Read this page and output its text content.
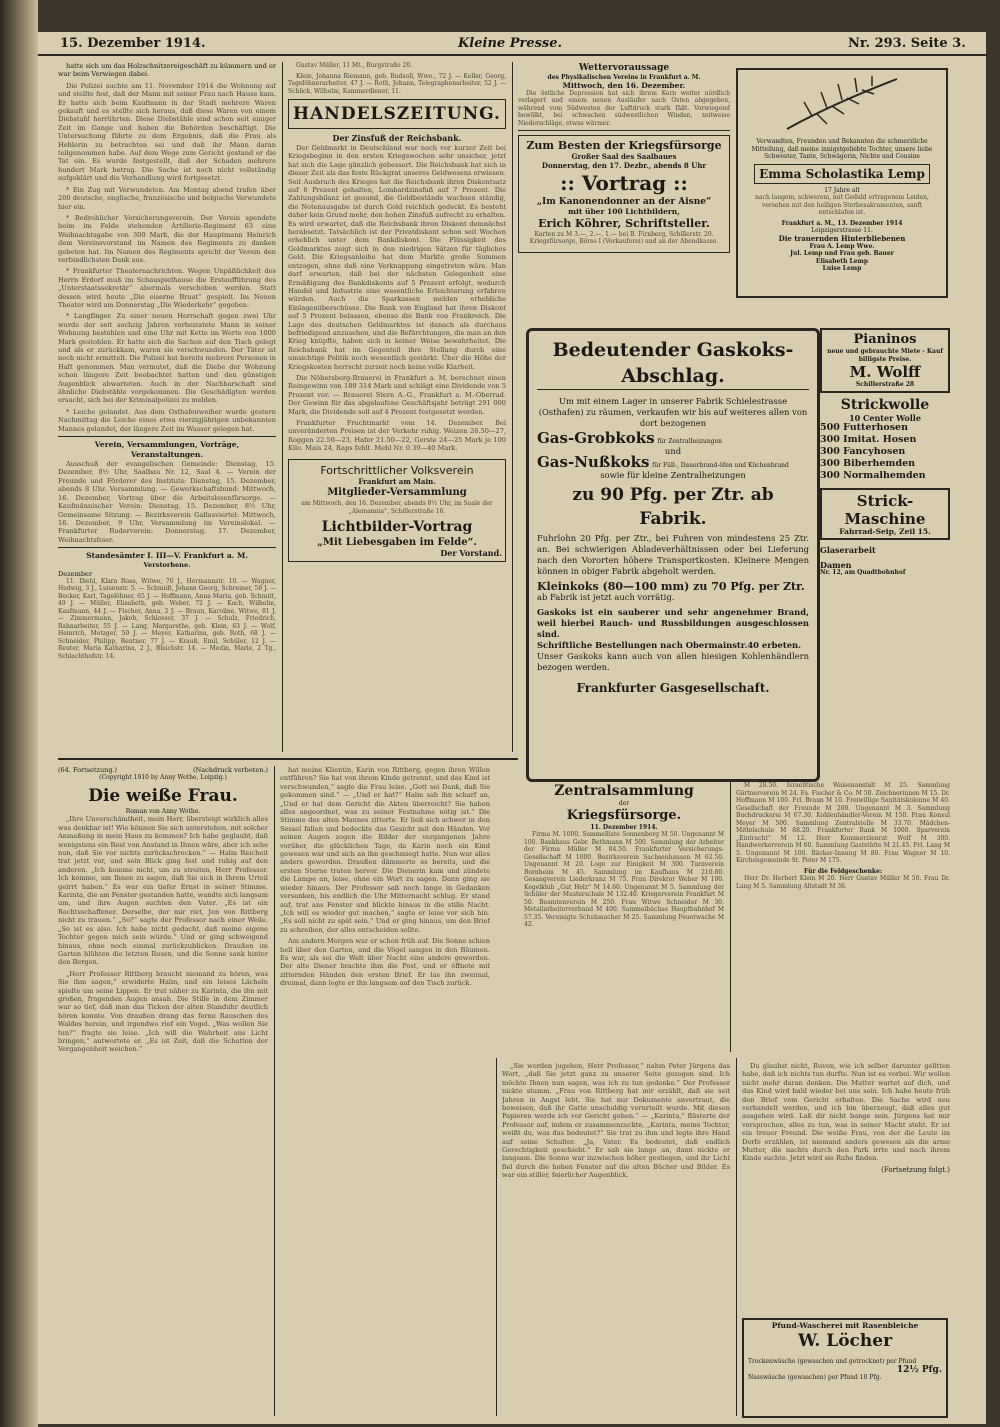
15. Dezember 1914.	Kleine Presse.	Nr. 293. Seite 3.

hatte sich um das Holzschnitzereigeschäft zu kümmern und er war beim Verwiegen dabei.

Die Polizei suchte am 11. November 1914 die Wohnung auf und stellte fest, daß der Mann mit seiner Frau nach Hause kam. Er hatte sich beim Kaufmann in der Stadt mehrere Waren gekauft und es stellte sich heraus, daß diese Waren von einem Diebstahl herrührten. Diese Diebstähle sind schon seit einiger Zeit im Gange und haben die Behörden beschäftigt. Die Untersuchung führte zu dem Ergebnis, daß die Frau als Hehlerin zu betrachten sei und daß ihr Mann daran teilgenommen habe. Auf dem Wege zum Gericht gestand er die Tat ein. Es wurde festgestellt, daß der Schaden mehrere hundert Mark betrug. Die Sache ist noch nicht vollständig aufgeklärt und die Verhandlung wird fortgesetzt.

* Ein Zug mit Verwundeten. Am Montag abend trafen über 200 deutsche, englische, französische und belgische Verwundete hier ein.

* Bedrohlicher Versicherungsverein. Der Verein spendete beim im Felde stehenden Artillerie-Regiment 63 eine Weihnachtsgabe von 300 Mark, die der Hauptmann Heinrich dem Vereinsvorstand im Namen des Regiments zu danken gebeten hat. Im Namen des Regiments spricht der Verein den verbindlichsten Dank aus.

* Frankfurter Theaternachrichten. Wegen Unpäßlichkeit des Herrn Erdorf muß im Schauspielhause die Erstaufführung des „Unterstaatssekretär“ abermals verschoben werden. Statt dessen wird heute „Die eiserne Braut“ gespielt. Im Neuen Theater wird am Donnerstag „Die Wiederkehr“ gegeben.

* Langfinger. Zu einer neuen Herrschaft gegen zwei Uhr wurde der seit sechzig Jahren verheiratete Mann in seiner Wohnung bestohlen und eine Uhr mit Kette im Werte von 1000 Mark gestohlen. Er hatte sich die Sachen auf den Tisch gelegt und als er zurückkam, waren sie verschwunden. Der Täter ist noch nicht ermittelt. Die Polizei hat bereits mehrere Personen in Haft genommen. Man vermutet, daß die Diebe der Wohnung schon längere Zeit beobachtet hatten und den günstigen Augenblick abwarteten. Auch in der Nachbarschaft sind ähnliche Diebstähle vorgekommen. Die Geschädigten werden ersucht, sich bei der Kriminalpolizei zu melden.

* Leiche gelandet. Aus dem Osthafenweiher wurde gestern Nachmittag die Leiche eines etwa vierzigjährigen unbekannten Mannes gelandet, der längere Zeit im Wasser gelegen hat.

Verein, Versammlungen, Vorträge, Veranstaltungen.

Ausschuß der evangelischen Gemeinde: Dienstag, 15. Dezember, 8½ Uhr, Saalbau Nr. 12, Saal 4. — Verein der Freunde und Förderer des Instituts: Dienstag, 15. Dezember, abends 8 Uhr. Versammlung. — Gewerkschaftsbund: Mittwoch, 16. Dezember, Vortrag über die Arbeitslosenfürsorge. — Kaufmännischer Verein: Dienstag, 15. Dezember, 8½ Uhr, Gemeinsame Sitzung. — Bezirksverein Gallusviertel: Mittwoch, 16. Dezember, 9 Uhr, Versammlung im Vereinslokal. — Frankfurter Ruderverein: Donnerstag, 17. Dezember, Weihnachtsfeier.

Standesämter I. III—V. Frankfurt a. M.
Verstorbene.
Dezember

11. Diehl, Klara Rosa, Witwe, 70 J., Hermannstr. 10. — Wagner, Hedwig, 3 J., Luisenstr. 5. — Schmidt, Johann Georg, Schreiner, 58 J. — Becker, Karl, Tagelöhner, 65 J. — Hoffmann, Anna Maria, geb. Schmitt, 49 J. — Müller, Elisabeth, geb. Weber, 72 J. — Koch, Wilhelm, Kaufmann, 44 J. — Fischer, Anna, 2 J. — Braun, Karoline, Witwe, 81 J. — Zimmermann, Jakob, Schlosser, 37 J. — Schulz, Friedrich, Bahnarbeiter, 55 J. — Lang, Margarethe, geb. Klein, 63 J. — Wolf, Heinrich, Metzger, 50 J. — Meyer, Katharina, geb. Roth, 68 J. — Schneider, Philipp, Rentner, 77 J. — Krauß, Emil, Schüler, 12 J. — Reuter, Maria Katharina, 2 J., Bleichstr. 14. — Medin, Marie, 2 Tg., Schlachthofstr. 14.

Gustav Müller, 11 Mt., Burgstraße 20.

Klein, Johanna Riemann, geb. Budsoll, Wwe., 72 J. — Keller, Georg, Tagelöhnerarbeiter, 47 J. — Roth, Johann, Telegraphenarbeiter, 52 J. — Schlick, Wilhelm, Kammerdiener, 11.

HANDELSZEITUNG.
Der Zinsfuß der Reichsbank.

Der Geldmarkt in Deutschland war noch vor kurzer Zeit bei Kriegsbeginn in den ersten Kriegswochen sehr unsicher, jetzt hat sich die Lage gänzlich gebessert. Die Reichsbank hat sich in dieser Zeit als das feste Rückgrat unseres Geldwesens erwiesen. Seit Ausbruch des Krieges hat die Reichsbank ihren Diskontsatz auf 6 Prozent gehalten, Lombardzinsfuß auf 7 Prozent. Die Zahlungsbilanz ist gesund, die Goldbestände wachsen ständig, die Notenausgabe ist durch Gold reichlich gedeckt. Es besteht daher kein Grund mehr, den hohen Zinsfuß aufrecht zu erhalten. Es wird erwartet, daß die Reichsbank ihren Diskont demnächst herabsetzt. Tatsächlich ist der Privatdiskont schon seit Wochen erheblich unter dem Bankdiskont. Die Flüssigkeit des Geldmarktes zeigt sich in den niedrigen Sätzen für tägliches Geld. Die Kriegsanleihe hat dem Markte große Summen entzogen, ohne daß eine Verknappung eingetreten wäre. Man darf erwarten, daß bei der nächsten Gelegenheit eine Ermäßigung des Bankdiskonts auf 5 Prozent erfolgt, wodurch Handel und Industrie eine wesentliche Erleichterung erfahren würden. Auch die Sparkassen melden erhebliche Einlagenüberschüsse. Die Bank von England hat ihren Diskont auf 5 Prozent belassen, ebenso die Bank von Frankreich. Die Lage des deutschen Geldmarktes ist danach als durchaus befriedigend anzusehen, und die Befürchtungen, die man an den Krieg knüpfte, haben sich in keiner Weise bewahrheitet. Die Reichsbank hat im Gegenteil ihre Stellung durch eine umsichtige Politik noch wesentlich gestärkt. Über die Höhe der Kriegskosten herrscht zurzeit noch keine volle Klarheit.

Die Nöbersberg-Brauerei in Frankfurt a. M. berechnet einen Reingewinn von 189 314 Mark und schlägt eine Dividende von 5 Prozent vor. — Brauerei Stern A.-G., Frankfurt a. M.-Oberrad. Der Gewinn für das abgelaufene Geschäftsjahr beträgt 291 000 Mark, die Dividende soll auf 4 Prozent festgesetzt werden.

Frankfurter Fruchtmarkt vom 14. Dezember. Bei unveränderten Preisen ist der Verkehr ruhig. Weizen 26.50—27, Roggen 22.50—23, Hafer 21.50—22, Gerste 24—25 Mark je 100 Kilo. Mais 24, Raps fehlt. Mehl Nr. 0 39—40 Mark.

Fortschrittlicher Volksverein
Frankfurt am Main.
Mitglieder-Versammlung

am Mittwoch, den 16. Dezember, abends 8½ Uhr, im Saale der „Alemannia“, Schillerstraße 16.

Lichtbilder-Vortrag
„Mit Liebesgaben im Felde“.
Der Vorstand.
Wettervoraussage
des Physikalischen Vereins in Frankfurt a. M.
Mittwoch, den 16. Dezember.

Die östliche Depression hat sich ihrem Kern weiter nördlich verlagert und einem neuen Ausläufer nach Osten abgegeben, während vom Südwesten der Luftdruck stark fällt. Vorwiegend bewölkt, bei schwachen südwestlichen Winden, zeitweise Niederschläge, etwas wärmer.

Zum Besten der Kriegsfürsorge
Großer Saal des Saalbaues
Donnerstag, den 17. Dezbr., abends 8 Uhr
:: Vortrag ::
„Im Kanonendonner an der Aisne“
mit über 100 Lichtbildern,
Erich Köhrer, Schriftsteller.

Karten zu M 3.—, 2.—, 1.— bei B. Firnberg, Schillerstr. 20. Kriegsfürsorge, Börse I (Vorkauferei) und an der Abendkasse.

Verwandten, Freunden und Bekannten die schmerzliche Mitteilung, daß meine innigstgeliebte Tochter, unsere liebe Schwester, Tante, Schwägerin, Nichte und Cousine
Emma Scholastika Lemp
17 Jahre alt

nach langem, schwerem, mit Geduld ertragenem Leiden, versehen mit den heiligen Sterbesakramenten, sanft entschlafen ist.

Frankfurt a. M., 13. Dezember 1914
Leipzigerstrasse 11.
Die trauernden Hinterbliebenen
Frau A. Lemp Wwe.
Jul. Lemp und Frau geb. Bauer
Elisabeth Lemp
Luise Lemp
Bedeutender Gaskoks-Abschlag.
Um mit einem Lager in unserer Fabrik Schielestrasse (Osthafen) zu räumen, verkaufen wir bis auf weiteres allen von dort bezogenen
Gas-Grobkoks für Zentralheizungen
und
Gas-Nußkoks für Füll-, Dauerbrand-öfen und Küchenbrand
sowie für kleine Zentralheizungen
zu 90 Pfg. per Ztr. ab Fabrik.
Fuhrlohn 20 Pfg. per Ztr., bei Fuhren von mindestens 25 Ztr. an. Bei schwierigen Abladeverhältnissen oder bei Lieferung nach den Vororten höhere Transportkosten. Kleinere Mengen können in obiger Fabrik abgeholt werden.
Kleinkoks (80—100 mm) zu 70 Pfg. per Ztr.
ab Fabrik ist jetzt auch vorrätig.
Gaskoks ist ein sauberer und sehr angenehmer Brand, weil hierbei Rauch- und Russbildungen ausgeschlossen sind.
Schriftliche Bestellungen nach Obermainstr.40 erbeten.
Unser Gaskoks kann auch von allen hiesigen Kohlenhändlern bezogen werden.
Frankfurter Gasgesellschaft.
Pianinos
neue und gebrauchte Miete - Kauf
billigste Preise.
M. Wolff
Schillerstraße 28
Strickwolle
10 Center Wolle
500 Futterhosen
300 Imitat. Hosen
300 Fancyhosen
300 Biberhemden
300 Normalhemden
Strick-Maschine
Fahrrad-Seip, Zeil 15.
Glaserarbeit
Damen
Nr. 12, am Quadtbohnhof
Zentralsammlung
der
Kriegsfürsorge.
11. Dezember 1914.

Firma M. 1000. Sammelliste Sonnenberg M 50. Ungenannt M 100. Bankhaus Gebr. Bethmann M 500. Sammlung der Arbeiter der Firma Müller M 84.50. Frankfurter Versicherungs-Gesellschaft M 1000. Bezirksverein Sachsenhausen M 62.50. Ungenannt M 20. Loge zur Einigkeit M 300. Turnverein Bornheim M 45. Sammlung im Kaufhaus M 210.80. Gesangverein Liederkranz M 75. Frau Direktor Weber M 100. Kegelklub „Gut Holz“ M 14.60. Ungenannt M 5. Sammlung der Schüler der Musterschule M 132.40. Kriegerverein Frankfurt M 50. Beamtenverein M 250. Frau Witwe Schneider M 30. Metallarbeiterverband M 400. Sammelbüchse Hauptbahnhof M 57.35. Vereinigte Schuhmacher M 25. Sammlung Feuerwache M 42.

M 28.50. Israelitische Waisenanstalt M 25. Sammlung Gärtnerverein M 24. Fa. Fischer & Co. M 50. Zeichnerinnen M 15. Dr. Hoffmann M 100. Frl. Braun M 10. Freiwillige Sanitätskolonne M 40. Gesellschaft der Freunde M 200. Ungenannt M 3. Sammlung Buchdruckerei M 67.30. Kohlenhändler-Verein M 150. Frau Konsul Meyer M 500. Sammlung Zentralstelle M 33.70. Mädchen-Mittelschule M 88.20. Frankfurter Bank M 1000. Sparverein „Eintracht“ M 12. Herr Kommerzienrat Wolf M 300. Handwerkerverein M 60. Sammlung Gaststätte M 21.45. Frl. Lang M 5. Ungenannt M 100. Bäcker-Innung M 80. Frau Wagner M 10. Kirchengemeinde St. Peter M 175.

Für die Feldgeschenke:

Herr Dr. Herbert Klein M 20. Herr Gustav Müller M 50. Frau Dr. Lang M 5. Sammlung Altstadt M 36.

(64. Fortsetzung.)	(Nachdruck verboten.)
(Copyright 1910 by Anny Wothe, Leipzig.)
Die weiße Frau.
Roman von Anny Wothe.

„Ihre Unverschämtheit, mein Herr, übersteigt wirklich alles was denkbar ist! Wie können Sie sich unterstehen, mit solcher Anmaßung in mein Haus zu kommen? Ich habe geglaubt, daß wenigstens ein Rest von Anstand in Ihnen wäre, aber ich sehe nun, daß Sie vor nichts zurückschrecken.“ — Halm Reicheit trat jetzt vor, und sein Blick ging fest und ruhig auf den anderen. „Ich komme nicht, um zu streiten, Herr Professor. Ich komme, um Ihnen zu sagen, daß Sie sich in Ihrem Urteil geirrt haben.“ Es war ein tiefer Ernst in seiner Stimme. Karinta, die am Fenster gestanden hatte, wandte sich langsam um, und ihre Augen suchten den Vater. „Es ist ein Rechtsschaffener. Derselbe, der mir riet, Jen von Rittberg nicht zu trauen.“ „So?“ sagte der Professor nach einer Weile. „So ist es also. Ich habe nicht gedacht, daß meine eigene Tochter gegen mich sein würde.“ Und er ging schweigend hinaus, ohne noch einmal zurückzublicken. Draußen im Garten blühten die letzten Rosen, und die Sonne sank hinter den Bergen.

„Herr Professor Rittberg braucht niemand zu hören, was Sie ihm sagen,“ erwiderte Halm, und ein leises Lächeln spielte um seine Lippen. Er trat näher zu Karinta, die ihn mit großen, fragenden Augen ansah. Die Stille in dem Zimmer war so tief, daß man das Ticken der alten Standuhr deutlich hören konnte. Von draußen drang das ferne Rauschen des Waldes herein, und irgendwo rief ein Vogel. „Was wollen Sie tun?“ fragte sie leise. „Ich will die Wahrheit ans Licht bringen,“ antwortete er. „Es ist Zeit, daß die Schatten der Vergangenheit weichen.“

hat meine Klientin, Karin von Rittberg, gegen ihren Willen entführen? Sie hat von ihrem Kinde getrennt, und das Kind ist verschwunden,“ sagte die Frau leise. „Gott sei Dank, daß Sie gekommen sind.“ — „Und er hat?“ Halm sah ihn scharf an, „Und er hat dem Gericht die Akten überreicht? Sie haben alles angeordnet, was zu seiner Festnahme nötig ist.“ Die Stimme des alten Mannes zitterte. Er ließ sich schwer in den Sessel fallen und bedeckte das Gesicht mit den Händen. Vor seinen Augen zogen die Bilder der vergangenen Jahre vorüber, die glücklichen Tage, da Karin noch ein Kind gewesen war und sich an ihn geschmiegt hatte. Nun war alles anders geworden. Draußen dämmerte es bereits, und die ersten Sterne traten hervor. Die Dienerin kam und zündete die Lampe an, leise, ohne ein Wort zu sagen. Dann ging sie wieder hinaus. Der Professor saß noch lange in Gedanken versunken, bis endlich die Uhr Mitternacht schlug. Er stand auf, trat ans Fenster und blickte hinaus in die stille Nacht. „Ich will es wieder gut machen,“ sagte er leise vor sich hin. „Es soll nicht zu spät sein.“ Und er ging hinaus, um den Brief zu schreiben, der alles entscheiden sollte.

Am andern Morgen war er schon früh auf. Die Sonne schien hell über den Garten, und die Vögel sangen in den Bäumen. Es war, als sei die Welt über Nacht eine andere geworden. Der alte Diener brachte ihm die Post, und er öffnete mit zitternden Händen den ersten Brief. Er las ihn zweimal, dreimal, dann legte er ihn langsam auf den Tisch zurück.

„Sie werden jugehen, Herr Professor,“ nahm Peter Jürgens das Wort, „daß Sie jetzt ganz zu unserer Seite gezogen sind. Ich möchte Ihnen nun sagen, was ich zu tun gedenke.“ Der Professor nickte stumm. „Frau von Rittberg hat mir erzählt, daß sie seit Jahren in Angst lebt. Sie hat mir Dokumente anvertraut, die beweisen, daß ihr Gatte unschuldig verurteilt wurde. Mit diesen Papieren werde ich vor Gericht gehen.“ — „Karinta,“ flüsterte der Professor auf, indem er zusammenzuckte, „Karinta, meine Tochter, weißt du, was das bedeutet?“ Sie trat zu ihm und legte ihre Hand auf seine Schulter. „Ja, Vater. Es bedeutet, daß endlich Gerechtigkeit geschieht.“ Er sah sie lange an, dann nickte er langsam. Die Sonne war inzwischen höher gestiegen, und ihr Licht fiel durch die hohen Fenster auf die alten Bücher und Bilder. Es war ein stiller, feierlicher Augenblick.

Du glaubst nicht, Ruven, wie ich selber darunter gelitten habe, daß ich nichts tun durfte. Nun ist es vorbei. Wir wollen nicht mehr daran denken. Die Mutter wartet auf dich, und das Kind wird bald wieder bei uns sein. Ich habe heute früh den Brief vom Gericht erhalten. Die Sache wird neu verhandelt werden, und ich bin überzeugt, daß alles gut ausgehen wird. Laß dir nicht bange sein. Jürgens hat mir versprochen, alles zu tun, was in seiner Macht steht. Er ist ein treuer Freund. Die weiße Frau, von der die Leute im Dorfe erzählen, ist niemand anders gewesen als die arme Mutter, die nachts durch den Park irrte und nach ihrem Kinde suchte. Jetzt wird sie Ruhe finden.

(Fortsetzung folgt.)
Pfund-Wascherei mit Rasenbleiche
W. Löcher
Trockenwäsche (gewaschen und getrocknet) per Pfund
12½ Pfg.
Nasswäsche (gewaschen) per Pfund 10 Pfg.
